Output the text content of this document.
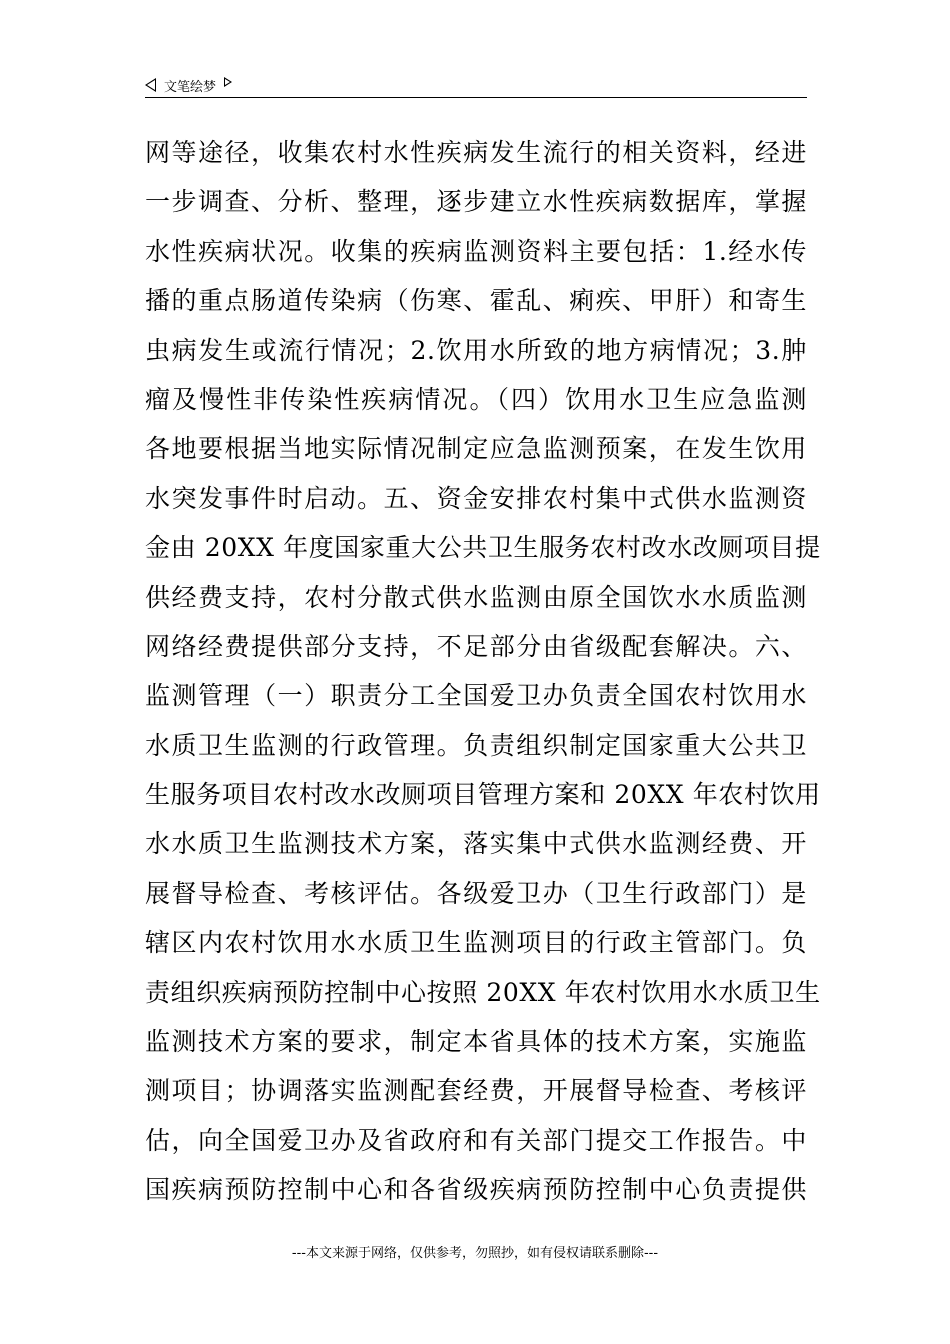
文笔绘梦
网等途径，收集农村水性疾病发生流行的相关资料，经进
一步调查、分析、整理，逐步建立水性疾病数据库，掌握
水性疾病状况。收集的疾病监测资料主要包括：1.经水传
播的重点肠道传染病（伤寒、霍乱、痢疾、甲肝）和寄生
虫病发生或流行情况；2.饮用水所致的地方病情况；3.肿
瘤及慢性非传染性疾病情况。（四）饮用水卫生应急监测
各地要根据当地实际情况制定应急监测预案，在发生饮用
水突发事件时启动。五、资金安排农村集中式供水监测资
金由 20XX 年度国家重大公共卫生服务农村改水改厕项目提
供经费支持，农村分散式供水监测由原全国饮水水质监测
网络经费提供部分支持，不足部分由省级配套解决。六、
监测管理（一）职责分工全国爱卫办负责全国农村饮用水
水质卫生监测的行政管理。负责组织制定国家重大公共卫
生服务项目农村改水改厕项目管理方案和 20XX 年农村饮用
水水质卫生监测技术方案，落实集中式供水监测经费、开
展督导检查、考核评估。各级爱卫办（卫生行政部门）是
辖区内农村饮用水水质卫生监测项目的行政主管部门。负
责组织疾病预防控制中心按照 20XX 年农村饮用水水质卫生
监测技术方案的要求，制定本省具体的技术方案，实施监
测项目；协调落实监测配套经费，开展督导检查、考核评
估，向全国爱卫办及省政府和有关部门提交工作报告。中
国疾病预防控制中心和各省级疾病预防控制中心负责提供
---本文来源于网络，仅供参考，勿照抄，如有侵权请联系删除---
